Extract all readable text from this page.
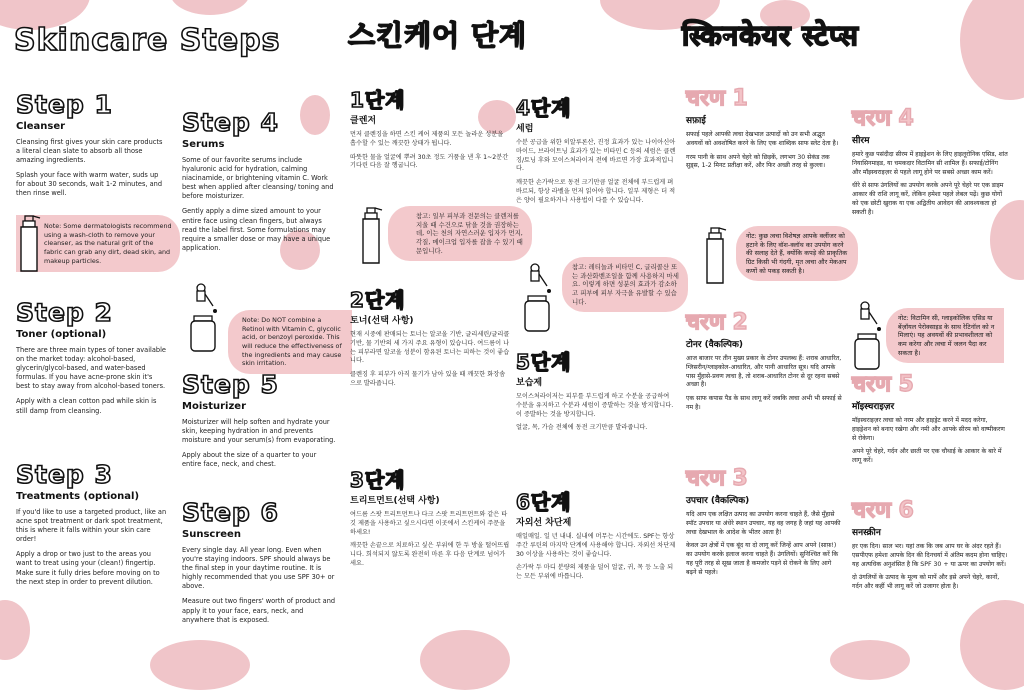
Skincare Steps 스킨케어 단계	स्किनकेयर स्टेप्स
Step 1
Cleanser

Cleansing first gives your skin care products a literal clean slate to absorb all those amazing ingredients.

Splash your face with warm water, suds up for about 30 seconds, wait 1-2 minutes, and then rinse well.

Note: Some dermatologists recommend using a wash-cloth to remove your cleanser, as the natural grit of the fabric can grab any dirt, dead skin, and makeup particles.
Step 2
Toner (optional)

There are three main types of toner available on the market today: alcohol-based, glycerin/glycol-based, and water-based formulas. If you have acne-prone skin it's best to stay away from alcohol-based toners.

Apply with a clean cotton pad while skin is still damp from cleansing.

Step 3
Treatments (optional)

If you'd like to use a targeted product, like an acne spot treatment or dark spot treatment, this is where it falls within your skin care order!

Apply a drop or two just to the areas you want to treat using your (clean!) fingertip. Make sure it fully dries before moving on to the next step in order to prevent dilution.

Step 4
Serums

Some of our favorite serums include hyaluronic acid for hydration, calming niacinamide, or brightening vitamin C. Work best when applied after cleansing/ toning and before moisturizer.

Gently apply a dime sized amount to your entire face using clean fingers, but always read the label first. Some formulations may require a smaller dose or may have a unique application.

Note: Do NOT combine a Retinol with Vitamin C, glycolic acid, or benzoyl peroxide. This will reduce the effectiveness of the ingredients and may cause skin irritation.
Step 5
Moisturizer

Moisturizer will help soften and hydrate your skin, keeping hydration in and prevents moisture and your serum(s) from evaporating.

Apply about the size of a quarter to your entire face, neck, and chest.

Step 6
Sunscreen

Every single day. All year long. Even when you're staying indoors. SPF should always be the final step in your daytime routine. It is highly recommended that you use SPF 30+ or above.

Measure out two fingers' worth of product and apply it to your face, ears, neck, and anywhere that is exposed.

1단계
클렌저

먼저 클렌징을 하면 스킨 케어 제품의 모든 놀라운 성분을 흡수할 수 있는 깨끗한 상태가 됩니다.

따뜻한 물을 얼굴에 뿌려 30초 정도 거품을 낸 후 1~2분간 기다린 다음 잘 헹굽니다.

참고: 일부 피부과 전문의는 클렌저를 지울 때 수건으로 닦을 것을 권장하는데, 이는 천의 자연스러운 입자가 먼지, 각질, 메이크업 입자를 잡을 수 있기 때문입니다.
2단계
토너(선택 사항)

현재 시중에 판매되는 토너는 알코올 기반, 글리세린/글리콜 기반, 물 기반의 세 가지 주요 유형이 있습니다. 여드름이 나는 피부라면 알코올 성분이 함유된 토너는 피하는 것이 좋습니다.

클렌징 후 피부가 아직 물기가 남아 있을 때 깨끗한 화장솜으로 발라줍니다.

3단계
트리트먼트(선택 사항)

여드름 스팟 트리트먼트나 다크 스팟 트리트먼트와 같은 타깃 제품을 사용하고 싶으시다면 이곳에서 스킨케어 주문을 하세요!

깨끗한 손끝으로 치료하고 싶은 부위에 한 두 방울 떨어뜨립니다. 희석되지 않도록 완전히 마른 후 다음 단계로 넘어가세요.

4단계
세럼

수분 공급을 위한 히알루론산, 진정 효과가 있는 나이아신아마이드, 브라이트닝 효과가 있는 비타민 C 등의 세럼은 클렌징/토닝 후와 모이스처라이저 전에 바르면 가장 효과적입니다.

깨끗한 손가락으로 동전 크기만큼 얼굴 전체에 부드럽게 펴 바르되, 항상 라벨을 먼저 읽어야 합니다. 일부 제형은 더 적은 양이 필요하거나 사용법이 다를 수 있습니다.

참고: 레티놀과 비타민 C, 글리콜산 또는 과산화벤조일을 함께 사용하지 마세요. 이렇게 하면 성분의 효과가 감소하고 피부에 피부 자극을 유발할 수 있습니다.
5단계
보습제

모이스처라이저는 피부를 부드럽게 하고 수분을 공급하여 수분을 유지하고 수분과 세럼이 증발하는 것을 방지합니다. 이 증발하는 것을 방지합니다.

얼굴, 목, 가슴 전체에 동전 크기만큼 발라줍니다.

6단계
자외선 차단제

매일매일. 일 년 내내. 실내에 머무는 시간에도. SPF는 항상 주간 루틴의 마지막 단계에 사용해야 합니다. 자외선 차단제 30 이상을 사용하는 것이 좋습니다.

손가락 두 마디 분량의 제품을 덜어 얼굴, 귀, 목 등 노출 되는 모든 부위에 바릅니다.

चरण 1
सफ़ाई

सफाई पहले आपकी त्वचा देखभाल उत्पादों को उन सभी अद्भुत अवयवों को अवशोषित करने के लिए एक शाब्दिक साफ स्लेट देता है।

गरम पानी के साथ अपने चेहरे को छिड़कें, लगभग 30 सेकंड तक सुड्स, 1-2 मिनट प्रतीक्षा करें, और फिर अच्छी तरह से कुल्ला।

नोट: कुछ त्वचा विशेषज्ञ आपके क्लींजर को हटाने के लिए वॉश-क्लॉथ का उपयोग करने की सलाह देते हैं, क्योंकि कपड़े की प्राकृतिक ग्रिट किसी भी गंदगी, मृत त्वचा और मेकअप कणों को पकड़ सकती है।
चरण 2
टोनर (वैकल्पिक)

आज बाजार पर तीन मुख्य प्रकार के टोनर उपलब्ध हैं: शराब आधारित, ग्लिसरीन/ग्लाइकोल-आधारित, और पानी आधारित सूत्र। यदि आपके पास मुँहासे-प्रवण त्वचा है, तो शराब-आधारित टोनर से दूर रहना सबसे अच्छा है।

एक साफ कपास पैड के साथ लागू करें जबकि त्वचा अभी भी सफाई से नम है।

चरण 3
उपचार (वैकल्पिक)

यदि आप एक लक्षित उत्पाद का उपयोग करना चाहते हैं, जैसे मुँहासे स्पॉट उपचार या अंधेरे स्थान उपचार, यह वह जगह है जहां यह आपकी त्वचा देखभाल के आदेश के भीतर आता है!

केवल उन क्षेत्रों में एक बूंद या दो लागू करें जिन्हें आप अपने (साफ़!) का उपयोग करके इलाज करना चाहते हैं। उंगलियों। सुनिश्चित करें कि यह पूरी तरह से सूख जाता है कमजोर पड़ने से रोकने के लिए आगे बढ़ने से पहले।

चरण 4
सीरम

हमारे कुछ पसंदीदा सीरम में हाइड्रेशन के लिए हाइलूरोनिक एसिड, शांत नियासिनमाइड, या चमकदार विटामिन सी शामिल हैं। सफाई/टोनिंग और मॉइस्चराइज़र से पहले लागू होने पर सबसे अच्छा काम करें।

धीरे से साफ उंगलियों का उपयोग करके अपने पूरे चेहरे पर एक डाइम आकार की राशि लागू करें, लेकिन हमेशा पहले लेबल पढ़ें। कुछ योगों को एक छोटी खुराक या एक अद्वितीय आवेदन की आवश्यकता हो सकती है।

नोट: विटामिन सी, ग्लाइकोलिक एसिड या बेंज़ॉयल पेरोक्साइड के साथ रेटिनॉल को न मिलाएं। यह अवयवों की प्रभावशीलता को कम करेगा और त्वचा में जलन पैदा कर सकता है।
चरण 5
मॉइस्चराइज़र

मॉइस्चराइज़र त्वचा को नरम और हाइड्रेट करने में मदद करेगा, हाइड्रेशन को बनाए रखेगा और नमी और आपके सीरम को वाष्पीकरण से रोकेगा।

अपने पूरे चेहरे, गर्दन और छाती पर एक चौथाई के आकार के बारे में लागू करें।

चरण 6
सनस्क्रीन

हर एक दिन। साल भर। यहां तक कि जब आप घर के अंदर रहते हैं। एसपीएफ हमेशा आपके दिन की दिनचर्या में अंतिम कदम होना चाहिए। यह अत्यधिक अनुशंसित है कि SPF 30 + या ऊपर का उपयोग करें।

दो उंगलियों के उत्पाद के मूल्य को मापें और इसे अपने चेहरे, कानों, गर्दन और कहीं भी लागू करें जो उजागर होता है।
